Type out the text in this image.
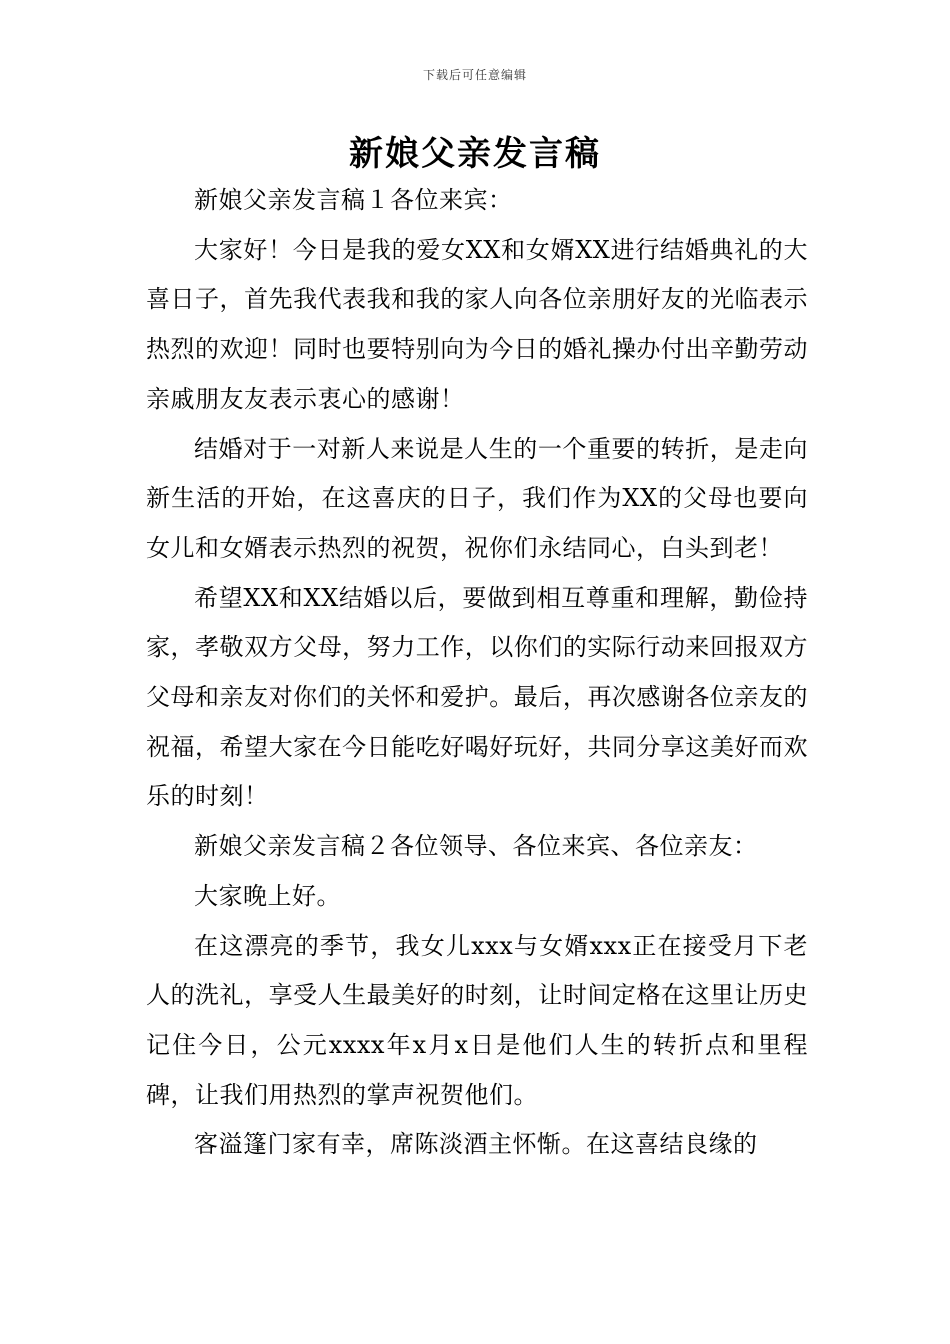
下载后可任意编辑
新娘父亲发言稿

新娘父亲发言稿１各位来宾：

大家好！今日是我的爱女XX和女婿XX进行结婚典礼的大喜日子，首先我代表我和我的家人向各位亲朋好友的光临表示热烈的欢迎！同时也要特别向为今日的婚礼操办付出辛勤劳动亲戚朋友友表示衷心的感谢！

结婚对于一对新人来说是人生的一个重要的转折，是走向新生活的开始，在这喜庆的日子，我们作为XX的父母也要向女儿和女婿表示热烈的祝贺，祝你们永结同心，白头到老！

希望XX和XX结婚以后，要做到相互尊重和理解，勤俭持家，孝敬双方父母，努力工作，以你们的实际行动来回报双方父母和亲友对你们的关怀和爱护。最后，再次感谢各位亲友的祝福，希望大家在今日能吃好喝好玩好，共同分享这美好而欢乐的时刻！

新娘父亲发言稿２各位领导、各位来宾、各位亲友：

大家晚上好。

在这漂亮的季节，我女儿xxx与女婿xxx正在接受月下老人的洗礼，享受人生最美好的时刻，让时间定格在这里让历史记住今日，公元xxxx年x月x日是他们人生的转折点和里程碑，让我们用热烈的掌声祝贺他们。

客溢篷门家有幸，席陈淡酒主怀惭。在这喜结良缘的
